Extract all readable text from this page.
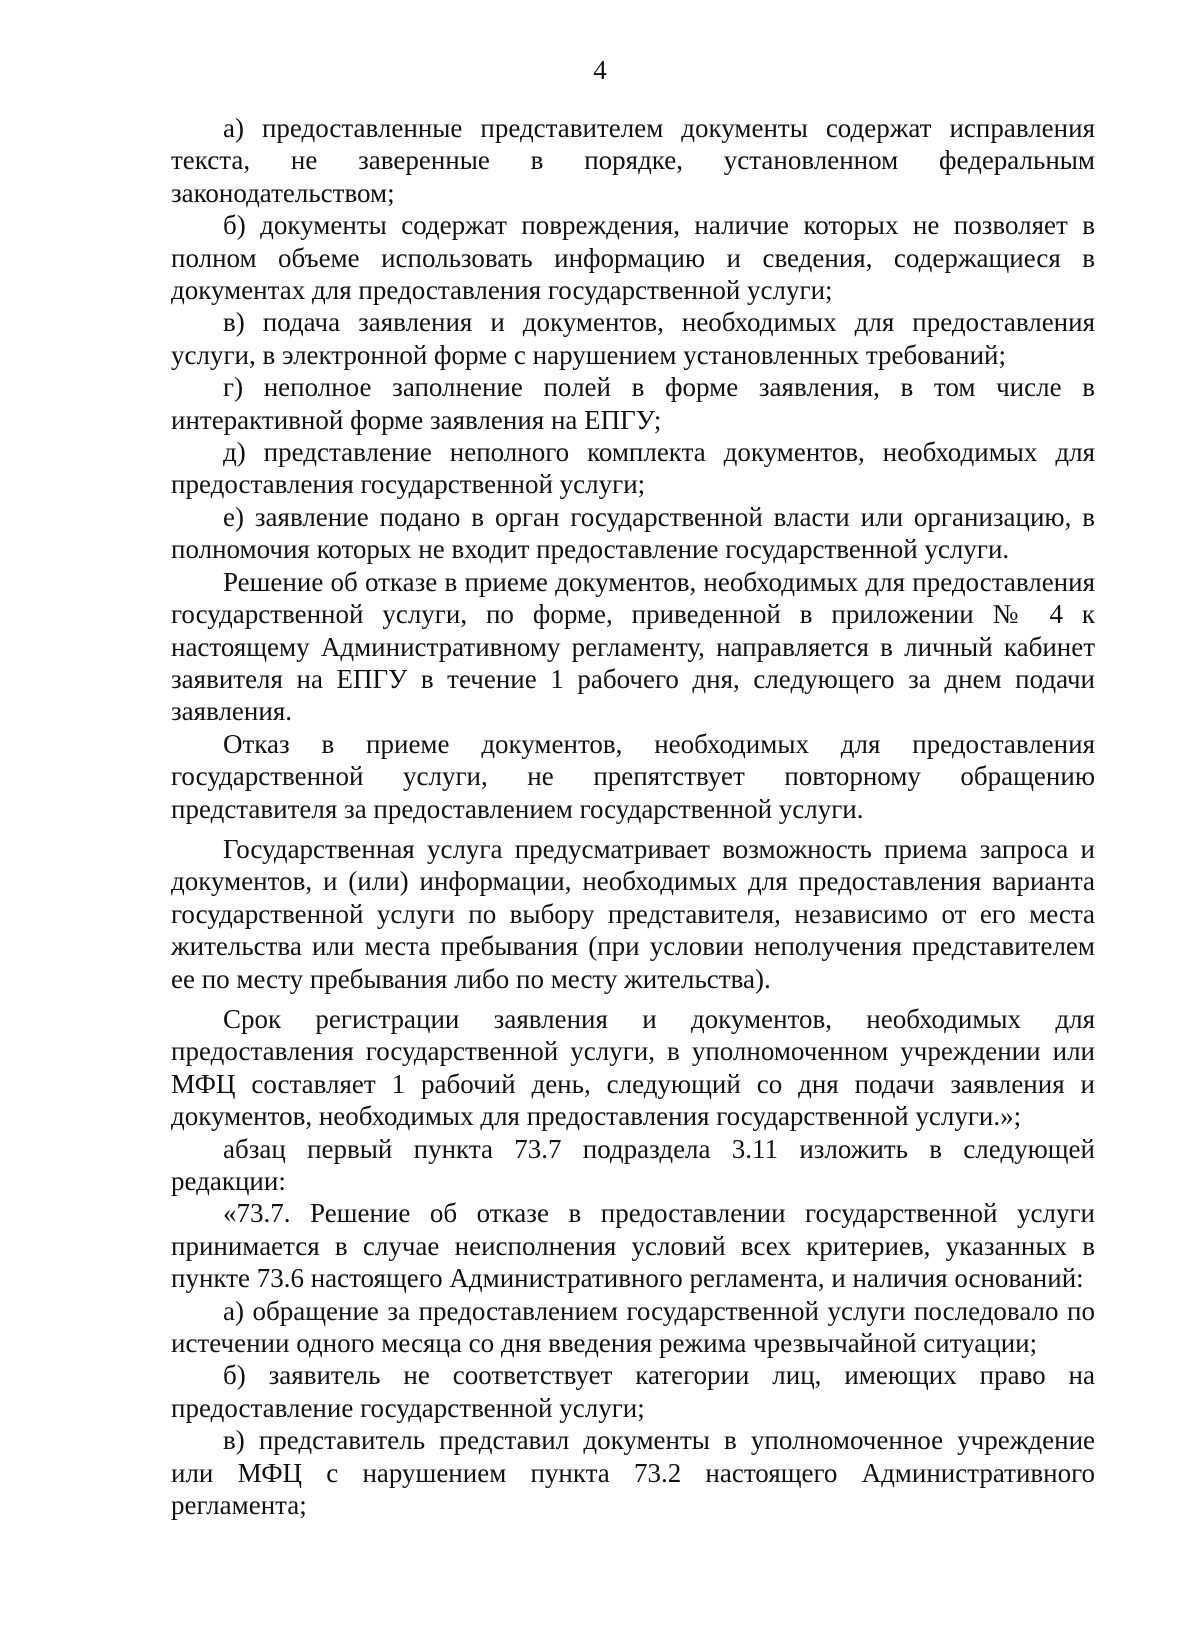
4

а) предоставленные представителем документы содержат исправления текста, не заверенные в порядке, установленном федеральным законодательством;

б) документы содержат повреждения, наличие которых не позволяет в полном объеме использовать информацию и сведения, содержащиеся в документах для предоставления государственной услуги;

в) подача заявления и документов, необходимых для предоставления услуги, в электронной форме с нарушением установленных требований;

г) неполное заполнение полей в форме заявления, в том числе в интерактивной форме заявления на ЕПГУ;

д) представление неполного комплекта документов, необходимых для предоставления государственной услуги;

е) заявление подано в орган государственной власти или организацию, в полномочия которых не входит предоставление государственной услуги.

Решение об отказе в приеме документов, необходимых для предоставления государственной услуги, по форме, приведенной в приложении № 4 к настоящему Административному регламенту, направляется в личный кабинет заявителя на ЕПГУ в течение 1 рабочего дня, следующего за днем подачи заявления.

Отказ в приеме документов, необходимых для предоставления государственной услуги, не препятствует повторному обращению представителя за предоставлением государственной услуги.

Государственная услуга предусматривает возможность приема запроса и документов, и (или) информации, необходимых для предоставления варианта государственной услуги по выбору представителя, независимо от его места жительства или места пребывания (при условии неполучения представителем ее по месту пребывания либо по месту жительства).

Срок регистрации заявления и документов, необходимых для предоставления государственной услуги, в уполномоченном учреждении или МФЦ составляет 1 рабочий день, следующий со дня подачи заявления и документов, необходимых для предоставления государственной услуги.»;

абзац первый пункта 73.7 подраздела 3.11 изложить в следующей редакции:

«73.7. Решение об отказе в предоставлении государственной услуги принимается в случае неисполнения условий всех критериев, указанных в пункте 73.6 настоящего Административного регламента, и наличия оснований:

а) обращение за предоставлением государственной услуги последовало по истечении одного месяца со дня введения режима чрезвычайной ситуации;

б) заявитель не соответствует категории лиц, имеющих право на предоставление государственной услуги;

в) представитель представил документы в уполномоченное учреждение или МФЦ с нарушением пункта 73.2 настоящего Административного регламента;
